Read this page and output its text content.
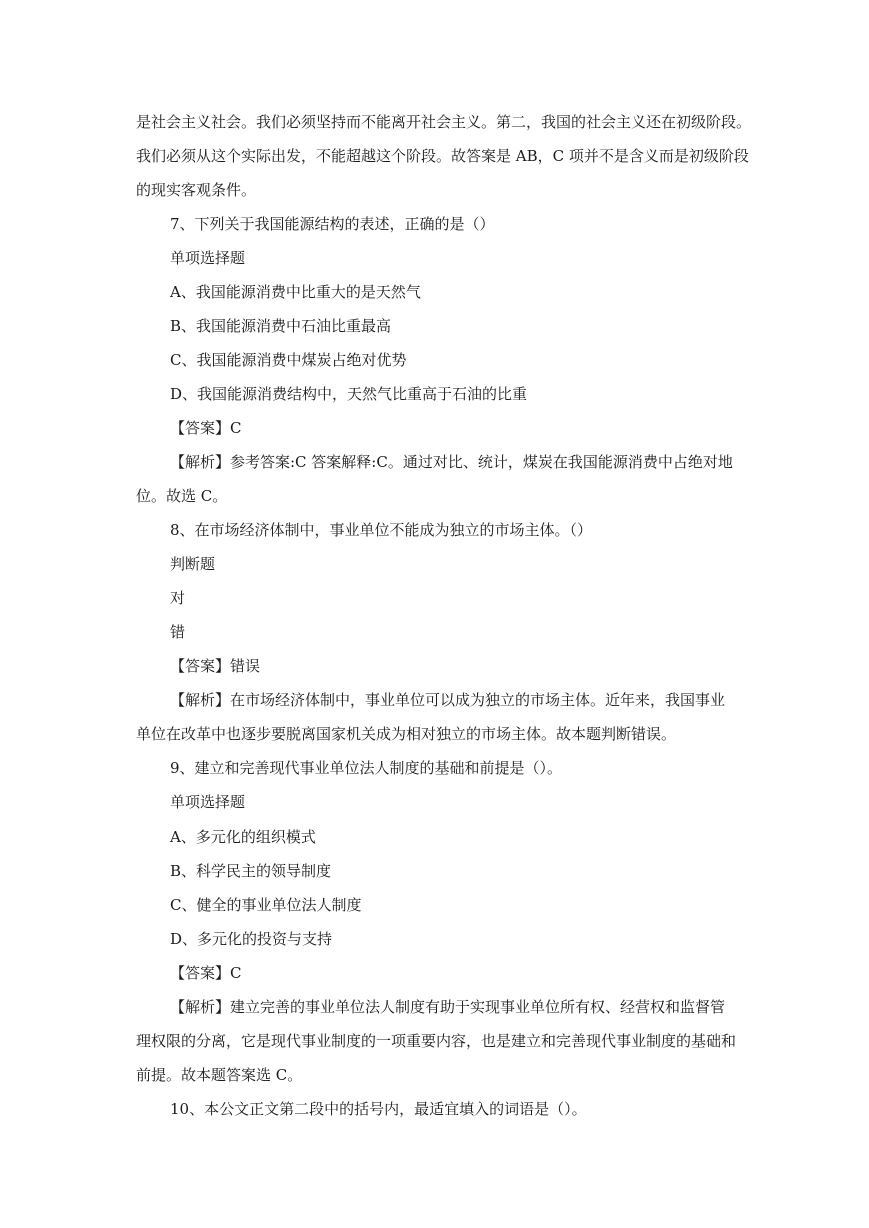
是社会主义社会。我们必须坚持而不能离开社会主义。第二，我国的社会主义还在初级阶段。
我们必须从这个实际出发，不能超越这个阶段。故答案是 AB，C 项并不是含义而是初级阶段
的现实客观条件。
7、下列关于我国能源结构的表述，正确的是（）
单项选择题
A、我国能源消费中比重大的是天然气
B、我国能源消费中石油比重最高
C、我国能源消费中煤炭占绝对优势
D、我国能源消费结构中，天然气比重高于石油的比重
【答案】C
【解析】参考答案:C 答案解释:C。通过对比、统计，煤炭在我国能源消费中占绝对地
位。故选 C。
8、在市场经济体制中，事业单位不能成为独立的市场主体。（）
判断题
对
错
【答案】错误
【解析】在市场经济体制中，事业单位可以成为独立的市场主体。近年来，我国事业
单位在改革中也逐步要脱离国家机关成为相对独立的市场主体。故本题判断错误。
9、建立和完善现代事业单位法人制度的基础和前提是（）。
单项选择题
A、多元化的组织模式
B、科学民主的领导制度
C、健全的事业单位法人制度
D、多元化的投资与支持
【答案】C
【解析】建立完善的事业单位法人制度有助于实现事业单位所有权、经营权和监督管
理权限的分离，它是现代事业制度的一项重要内容，也是建立和完善现代事业制度的基础和
前提。故本题答案选 C。
10、本公文正文第二段中的括号内，最适宜填入的词语是（）。
